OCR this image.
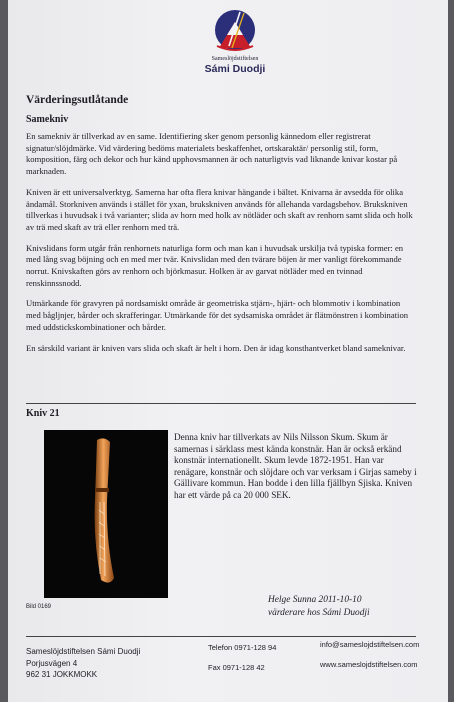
Sameslöjdstiftelsen
Sámi Duodji
Värderingsutlåtande
Samekniv

En samekniv är tillverkad av en same. Identifiering sker genom personlig kännedom eller registrerat signatur/slöjdmärke. Vid värdering bedöms materialets beskaffenhet, ortskaraktär/ personlig stil, form, komposition, färg och dekor och hur känd upphovsmannen är och naturligtvis vad liknande knivar kostar på marknaden.

Kniven är ett universalverktyg. Samerna har ofta flera knivar hängande i bältet. Knivarna är avsedda för olika ändamål. Storkniven används i stället för yxan, brukskniven används för allehanda vardagsbehov. Brukskniven tillverkas i huvudsak i två varianter; slida av horn med holk av nötläder och skaft av renhorn samt slida och holk av trä med skaft av trä eller renhorn med trä.

Knivslidans form utgår från renhornets naturliga form och man kan i huvudsak urskilja två typiska former: en med lång svag böjning och en med mer tvär. Knivslidan med den tvärare böjen är mer vanligt förekommande norrut. Knivskaften görs av renhorn och björkmasur. Holken är av garvat nötläder med en tvinnad renskinnssnodd.

Utmärkande för gravyren på nordsamiskt område är geometriska stjärn-, hjärt- och blommotiv i kombination med bågljnjer, bårder och skrafferingar. Utmärkande för det sydsamiska området är flätmönstren i kombination med uddstickskombinationer och bårder.

En särskild variant är kniven vars slida och skaft är helt i horn. Den är idag konsthantverket bland sameknivar.

Kniv 21
Bild 0169
Denna kniv har tillverkats av Nils Nilsson Skum. Skum är samernas i särklass mest kända konstnär. Han är också erkänd konstnär internationellt. Skum levde 1872-1951. Han var renägare, konstnär och slöjdare och var verksam i Girjas sameby i Gällivare kommun. Han bodde i den lilla fjällbyn Sjiska. Kniven har ett värde på ca 20 000 SEK.
Helge Sunna 2011-10-10
värderare hos Sámi Duodji
Sameslöjdstiftelsen Sámi Duodji
Porjusvägen 4
962 31 JOKKMOKK
Telefon 0971-128 94
Fax 0971-128 42
info@sameslojdstiftelsen.com
www.sameslojdstiftelsen.com
